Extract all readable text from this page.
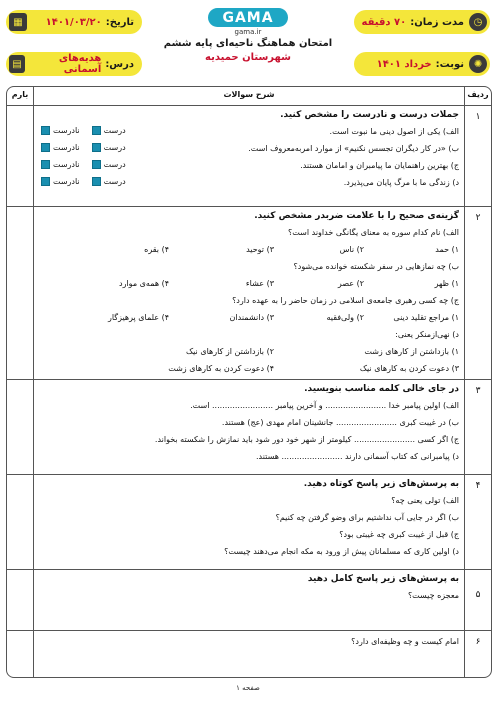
◷
مدت زمان:
۷۰ دقیقه
تاریخ:
۱۴۰۱/۰۳/۲۰
▦
✺
نوبت:
خرداد ۱۴۰۱
درس:
هدیه‌های آسمانی
▤
GAMA
gama.ir
امتحان هماهنگ ناحیه‌ای پایه ششم
شهرستان حمیدیه
ردیف
شرح سوالات
بارم
۱
جملات درست و نادرست را مشخص کنید.
الف) یکی از اصول دینی ما نبوت است.
درست
نادرست
ب) «در کار دیگران تجسس نکنیم» از موارد امربه‌معروف است.
درست
نادرست
ج) بهترین راهنمایان ما پیامبران و امامان هستند.
درست
نادرست
د) زندگی ما با مرگ پایان می‌پذیرد.
درست
نادرست
۲
گزینه‌ی صحیح را با علامت ضربدر مشخص کنید.
الف) نام کدام سوره به معنای یگانگی خداوند است؟
۱) حمد
۲) ناس
۳) توحید
۴) بقره
ب) چه نمازهایی در سفر شکسته خوانده می‌شود؟
۱) ظهر
۲) عصر
۳) عشاء
۴) همه‌ی موارد
ج) چه کسی رهبری جامعه‌ی اسلامی در زمان حاضر را به عهده دارد؟
۱) مراجع تقلید دینی
۲) ولی‌فقیه
۳) دانشمندان
۴) علمای پرهیزگار
د) نهی‌ازمنکر یعنی:
۱) بازداشتن از کارهای زشت
۲) بازداشتن از کارهای نیک
۳) دعوت کردن به کارهای نیک
۴) دعوت کردن به کارهای زشت
۳
در جای خالی کلمه مناسب بنویسید.
الف) اولین پیامبر خدا ........................ و آخرین پیامبر ........................ است.
ب) در غیبت کبری ........................ جانشینان امام مهدی (عج) هستند.
ج) اگر کسی ........................ کیلومتر از شهر خود دور شود باید نمازش را شکسته بخواند.
د) پیامبرانی که کتاب آسمانی دارند ........................ هستند.
۴
به پرسش‌های زیر پاسخ کوتاه دهید.
الف) تولی یعنی چه؟
ب) اگر در جایی آب نداشتیم برای وضو گرفتن چه کنیم؟
ج) قبل از غیبت کبری چه غیبتی بود؟
د) اولین کاری که مسلمانان پیش از ورود به مکه انجام می‌دهند چیست؟
۵
به پرسش‌های زیر پاسخ کامل دهید
معجزه چیست؟
۶
امام کیست و چه وظیفه‌ای دارد؟
صفحه ۱
